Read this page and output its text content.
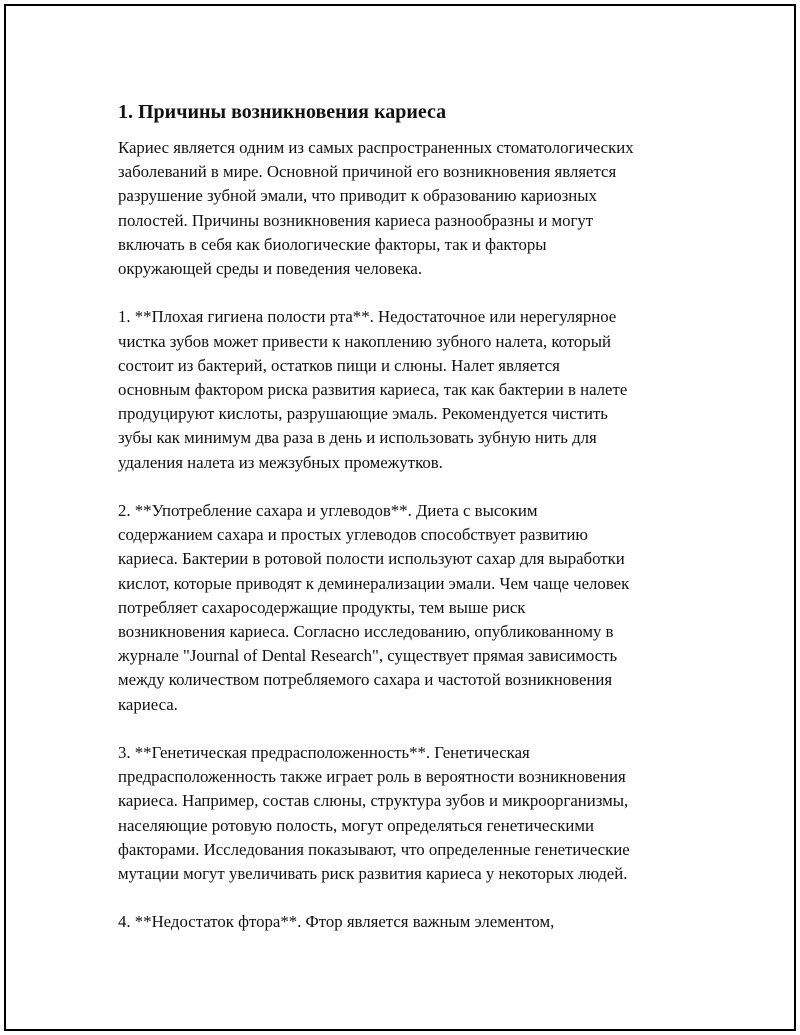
1. Причины возникновения кариеса

Кариес является одним из самых распространенных стоматологических
заболеваний в мире. Основной причиной его возникновения является
разрушение зубной эмали, что приводит к образованию кариозных
полостей. Причины возникновения кариеса разнообразны и могут
включать в себя как биологические факторы, так и факторы
окружающей среды и поведения человека.

1. **Плохая гигиена полости рта**. Недостаточное или нерегулярное
чистка зубов может привести к накоплению зубного налета, который
состоит из бактерий, остатков пищи и слюны. Налет является
основным фактором риска развития кариеса, так как бактерии в налете
продуцируют кислоты, разрушающие эмаль. Рекомендуется чистить
зубы как минимум два раза в день и использовать зубную нить для
удаления налета из межзубных промежутков.

2. **Употребление сахара и углеводов**. Диета с высоким
содержанием сахара и простых углеводов способствует развитию
кариеса. Бактерии в ротовой полости используют сахар для выработки
кислот, которые приводят к деминерализации эмали. Чем чаще человек
потребляет сахаросодержащие продукты, тем выше риск
возникновения кариеса. Согласно исследованию, опубликованному в
журнале "Journal of Dental Research", существует прямая зависимость
между количеством потребляемого сахара и частотой возникновения
кариеса.

3. **Генетическая предрасположенность**. Генетическая
предрасположенность также играет роль в вероятности возникновения
кариеса. Например, состав слюны, структура зубов и микроорганизмы,
населяющие ротовую полость, могут определяться генетическими
факторами. Исследования показывают, что определенные генетические
мутации могут увеличивать риск развития кариеса у некоторых людей.

4. **Недостаток фтора**. Фтор является важным элементом,
